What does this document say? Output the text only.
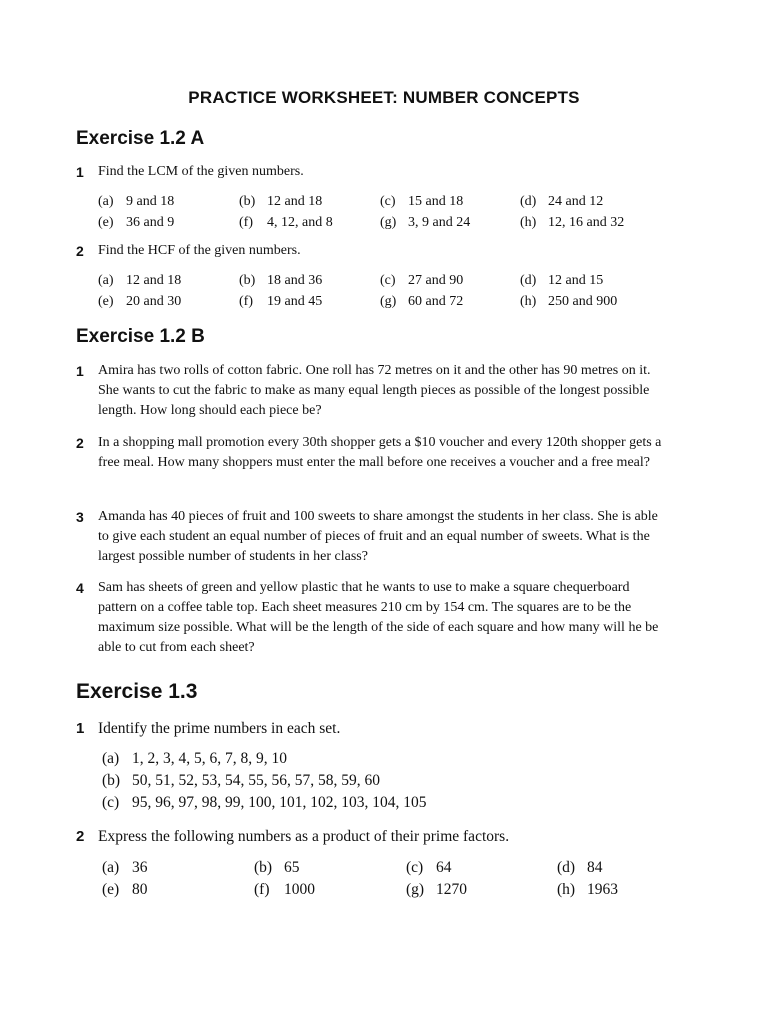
PRACTICE WORKSHEET: NUMBER CONCEPTS
Exercise 1.2 A
1 Find the LCM of the given numbers.
(a) 9 and 18	(b) 12 and 18	(c) 15 and 18	(d) 24 and 12
(e) 36 and 9	(f) 4, 12, and 8	(g) 3, 9 and 24	(h) 12, 16 and 32
2 Find the HCF of the given numbers.
(a) 12 and 18	(b) 18 and 36	(c) 27 and 90	(d) 12 and 15
(e) 20 and 30	(f) 19 and 45	(g) 60 and 72	(h) 250 and 900
Exercise 1.2 B
1 Amira has two rolls of cotton fabric. One roll has 72 metres on it and the other has 90 metres on it. She wants to cut the fabric to make as many equal length pieces as possible of the longest possible length. How long should each piece be?
2 In a shopping mall promotion every 30th shopper gets a $10 voucher and every 120th shopper gets a free meal. How many shoppers must enter the mall before one receives a voucher and a free meal?
3 Amanda has 40 pieces of fruit and 100 sweets to share amongst the students in her class. She is able to give each student an equal number of pieces of fruit and an equal number of sweets. What is the largest possible number of students in her class?
4 Sam has sheets of green and yellow plastic that he wants to use to make a square chequerboard pattern on a coffee table top. Each sheet measures 210 cm by 154 cm. The squares are to be the maximum size possible. What will be the length of the side of each square and how many will he be able to cut from each sheet?
Exercise 1.3
1 Identify the prime numbers in each set.
(a) 1, 2, 3, 4, 5, 6, 7, 8, 9, 10
(b) 50, 51, 52, 53, 54, 55, 56, 57, 58, 59, 60
(c) 95, 96, 97, 98, 99, 100, 101, 102, 103, 104, 105
2 Express the following numbers as a product of their prime factors.
(a) 36	(b) 65	(c) 64	(d) 84
(e) 80	(f) 1000	(g) 1270	(h) 1963
